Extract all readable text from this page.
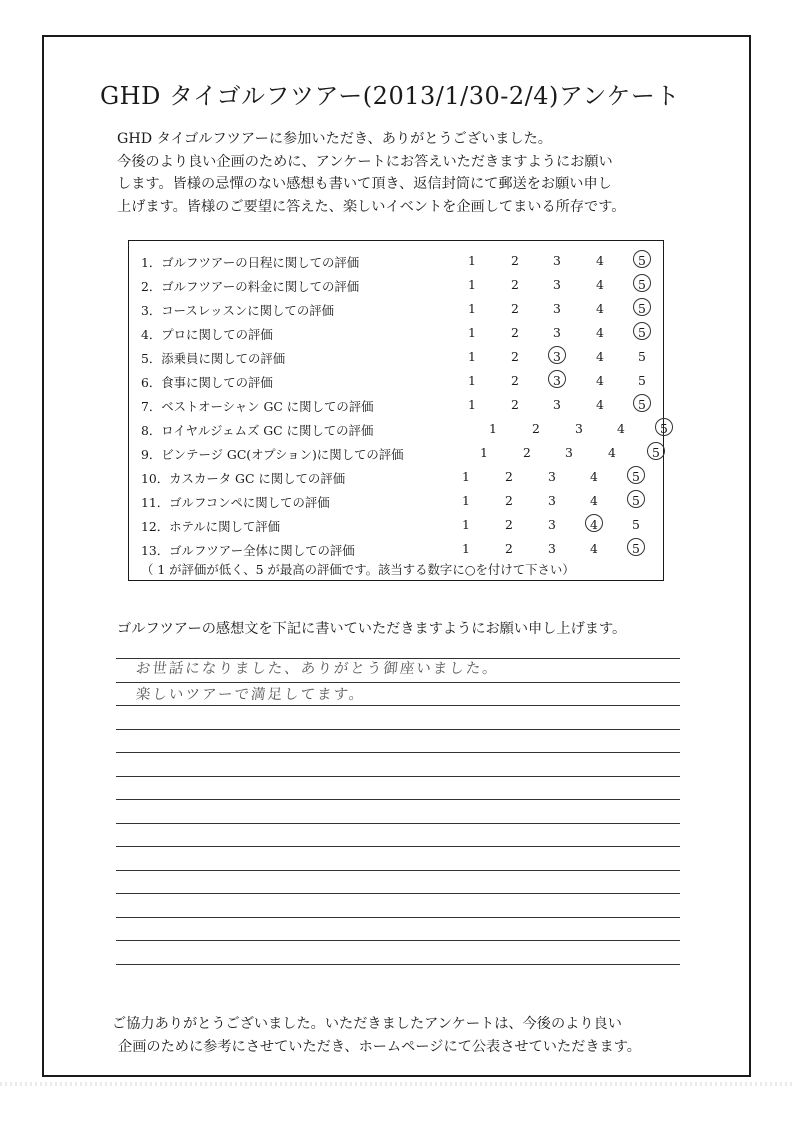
GHD タイゴルフツアー(2013/1/30-2/4)アンケート
GHD タイゴルフツアーに参加いただき、ありがとうございました。
今後のより良い企画のために、アンケートにお答えいただきますようにお願い
します。皆様の忌憚のない感想も書いて頂き、返信封筒にて郵送をお願い申し
上げます。皆様のご要望に答えた、楽しいイベントを企画してまいる所存です。
（ 1 が評価が低く、5 が最高の評価です。該当する数字に○を付けて下さい）
1．ゴルフツアーの日程に関しての評価	1	2	3	4	5
2．ゴルフツアーの料金に関しての評価	1	2	3	4	5
3．コースレッスンに関しての評価	1	2	3	4	5
4．プロに関しての評価	1	2	3	4	5
5．添乗員に関しての評価	1	2	3	4	5
6．食事に関しての評価	1	2	3	4	5
7．ベストオーシャン GC に関しての評価	1	2	3	4	5
8．ロイヤルジェムズ GC に関しての評価	1	2	3	4	5
9．ビンテージ GC(オプション)に関しての評価	1	2	3	4	5
10．カスカータ GC に関しての評価	1	2	3	4	5
11．ゴルフコンペに関しての評価	1	2	3	4	5
12．ホテルに関して評価	1	2	3	4	5
13．ゴルフツアー全体に関しての評価	1	2	3	4	5
ゴルフツアーの感想文を下記に書いていただきますようにお願い申し上げます。
お世話になりました、ありがとう御座いました。
楽しいツアーで満足してます。
ご協力ありがとうございました。いただきましたアンケートは、今後のより良い
企画のために参考にさせていただき、ホームページにて公表させていただきます。
